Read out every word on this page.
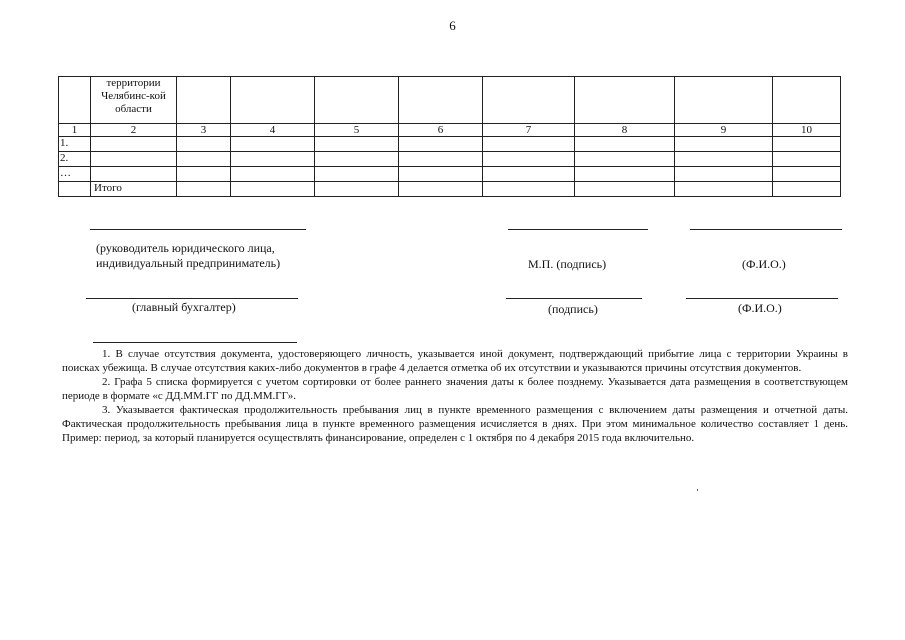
6
	территории Челябинс-кой области								
1	2	3	4	5	6	7	8	9	10
1.									
2.									
…									
	Итого								
(руководитель юридического лица, индивидуальный предприниматель)	М.П. (подпись)	(Ф.И.О.)
(главный бухгалтер)	(подпись)	(Ф.И.О.)

1. В случае отсутствия документа, удостоверяющего личность, указывается иной документ, подтверждающий прибытие лица с территории Украины в поисках убежища. В случае отсутствия каких-либо документов в графе 4 делается отметка об их отсутствии и указываются причины отсутствия документов.

2. Графа 5 списка формируется с учетом сортировки от более раннего значения даты к более позднему. Указывается дата размещения в соответствующем периоде в формате «с ДД.ММ.ГГ по ДД.ММ.ГГ».

3. Указывается фактическая продолжительность пребывания лиц в пункте временного размещения с включением даты размещения и отчетной даты. Фактическая продолжительность пребывания лица в пункте временного размещения исчисляется в днях. При этом минимальное количество составляет 1 день. Пример: период, за который планируется осуществлять финансирование, определен с 1 октября по 4 декабря 2015 года включительно.
